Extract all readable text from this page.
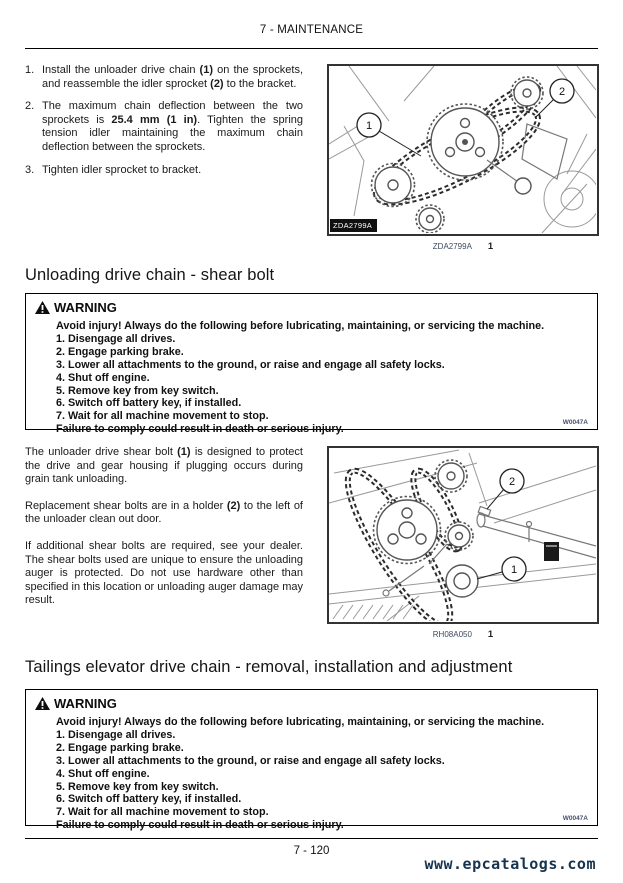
7 - MAINTENANCE
1. Install the unloader drive chain (1) on the sprockets, and reassemble the idler sprocket (2) to the bracket.
2. The maximum chain deflection between the two sprockets is 25.4 mm (1 in). Tighten the spring tension idler maintaining the maximum chain deflection between the sprockets.
3. Tighten idler sprocket to bracket.
1
2
ZDA2799A
ZDA2799A 1
Unloading drive chain - shear bolt
WARNING
Avoid injury! Always do the following before lubricating, maintaining, or servicing the machine.
1. Disengage all drives.
2. Engage parking brake.
3. Lower all attachments to the ground, or raise and engage all safety locks.
4. Shut off engine.
5. Remove key from key switch.
6. Switch off battery key, if installed.
7. Wait for all machine movement to stop.
Failure to comply could result in death or serious injury.
W0047A
The unloader drive shear bolt (1) is designed to protect the drive and gear housing if plugging occurs during grain tank unloading.
Replacement shear bolts are in a holder (2) to the left of the unloader clean out door.
If additional shear bolts are required, see your dealer. The shear bolts used are unique to ensure the unloading auger is protected. Do not use hardware other than specified in this location or unloading auger damage may result.
2
1
RH08A050 1
Tailings elevator drive chain - removal, installation and adjustment
WARNING
Avoid injury! Always do the following before lubricating, maintaining, or servicing the machine.
1. Disengage all drives.
2. Engage parking brake.
3. Lower all attachments to the ground, or raise and engage all safety locks.
4. Shut off engine.
5. Remove key from key switch.
6. Switch off battery key, if installed.
7. Wait for all machine movement to stop.
Failure to comply could result in death or serious injury.
W0047A
7 - 120
www.epcatalogs.com
